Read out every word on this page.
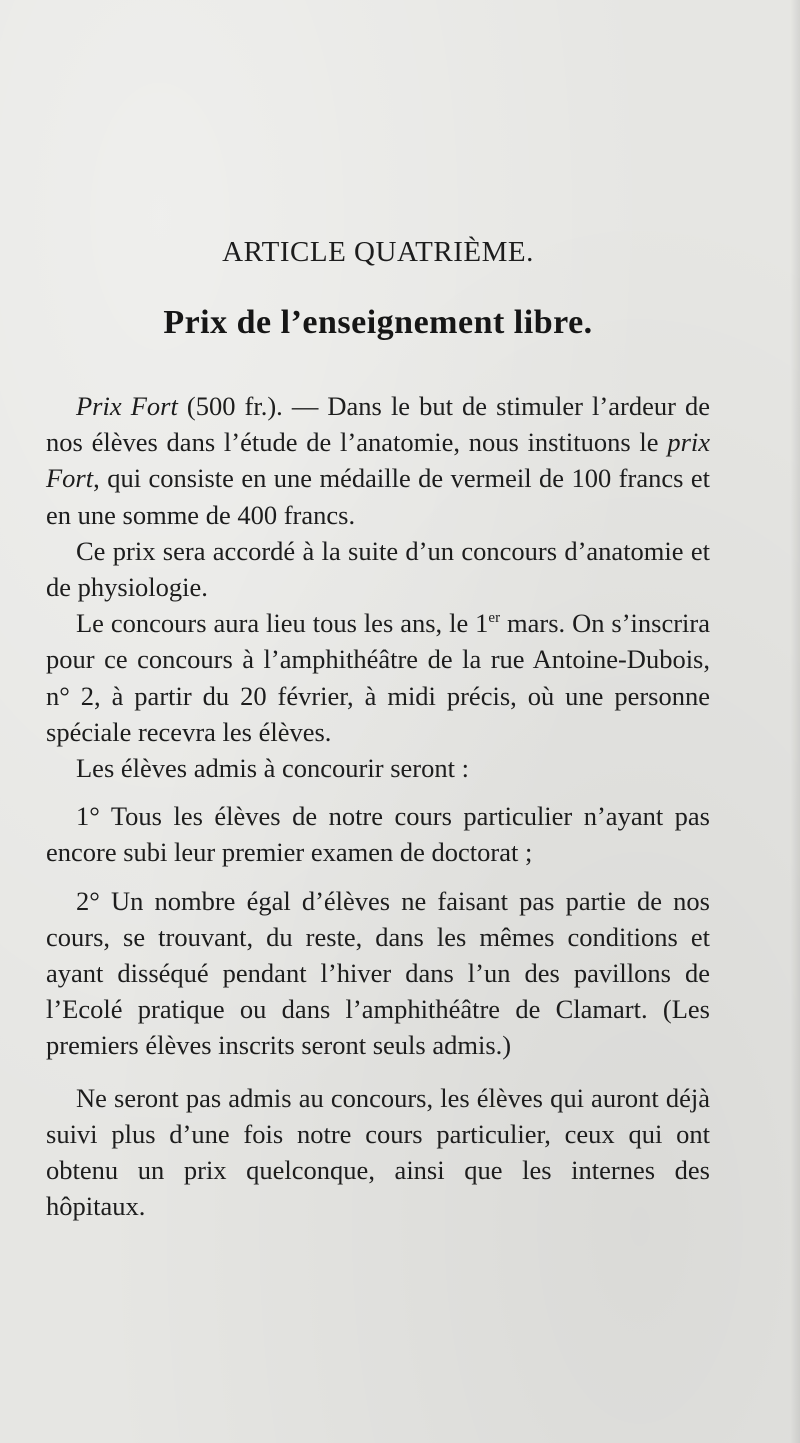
ARTICLE QUATRIÈME.
Prix de l’enseignement libre.

Prix Fort (500 fr.). — Dans le but de stimuler l’ardeur de nos élèves dans l’étude de l’anatomie, nous instituons le prix Fort, qui consiste en une médaille de vermeil de 100 francs et en une somme de 400 francs.

Ce prix sera accordé à la suite d’un concours d’anatomie et de physiologie.

Le concours aura lieu tous les ans, le 1er mars. On s’inscrira pour ce concours à l’amphithéâtre de la rue Antoine-Dubois, n° 2, à partir du 20 février, à midi précis, où une personne spéciale recevra les élèves.

Les élèves admis à concourir seront :

1° Tous les élèves de notre cours particulier n’ayant pas encore subi leur premier examen de doctorat ;

2° Un nombre égal d’élèves ne faisant pas partie de nos cours, se trouvant, du reste, dans les mêmes conditions et ayant disséqué pendant l’hiver dans l’un des pavillons de l’Ecolé pratique ou dans l’amphithéâtre de Clamart. (Les premiers élèves inscrits seront seuls admis.)

Ne seront pas admis au concours, les élèves qui auront déjà suivi plus d’une fois notre cours particulier, ceux qui ont obtenu un prix quelconque, ainsi que les internes des hôpitaux.
